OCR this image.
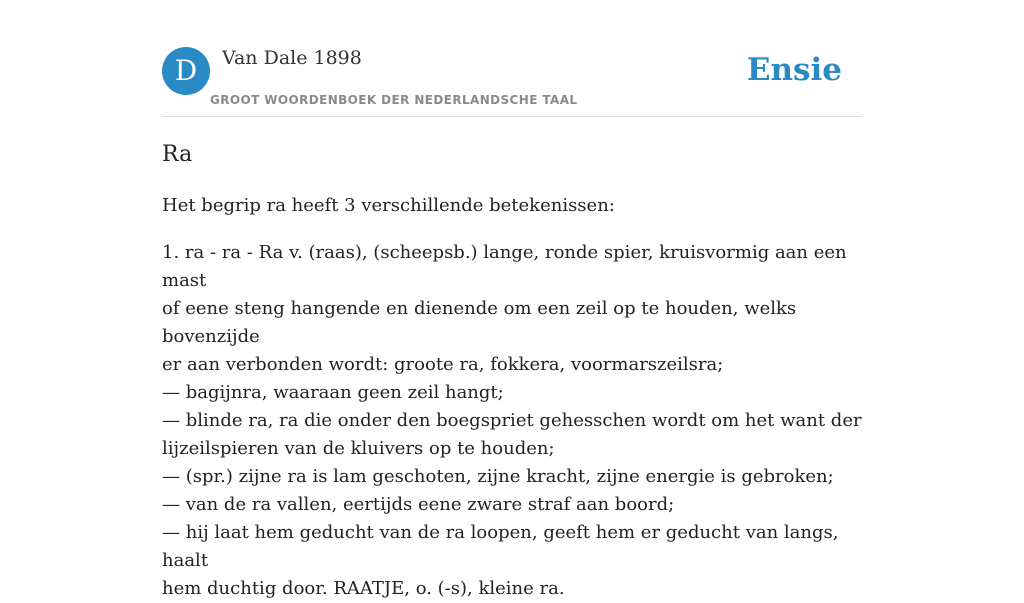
D	Van Dale 1898
GROOT WOORDENBOEK DER NEDERLANDSCHE TAAL
Ensie
Ra

Het begrip ra heeft 3 verschillende betekenissen:

1. ra - ra - Ra v. (raas), (scheepsb.) lange, ronde spier, kruisvormig aan een mast
of eene steng hangende en dienende om een zeil op te houden, welks bovenzijde
er aan verbonden wordt: groote ra, fokkera, voormarszeilsra;
— bagijnra, waaraan geen zeil hangt;
— blinde ra, ra die onder den boegspriet gehesschen wordt om het want der
lijzeilspieren van de kluivers op te houden;
— (spr.) zijne ra is lam geschoten, zijne kracht, zijne energie is gebroken;
— van de ra vallen, eertijds eene zware straf aan boord;
— hij laat hem geducht van de ra loopen, geeft hem er geducht van langs, haalt
hem duchtig door. RAATJE, o. (-s), kleine ra.
